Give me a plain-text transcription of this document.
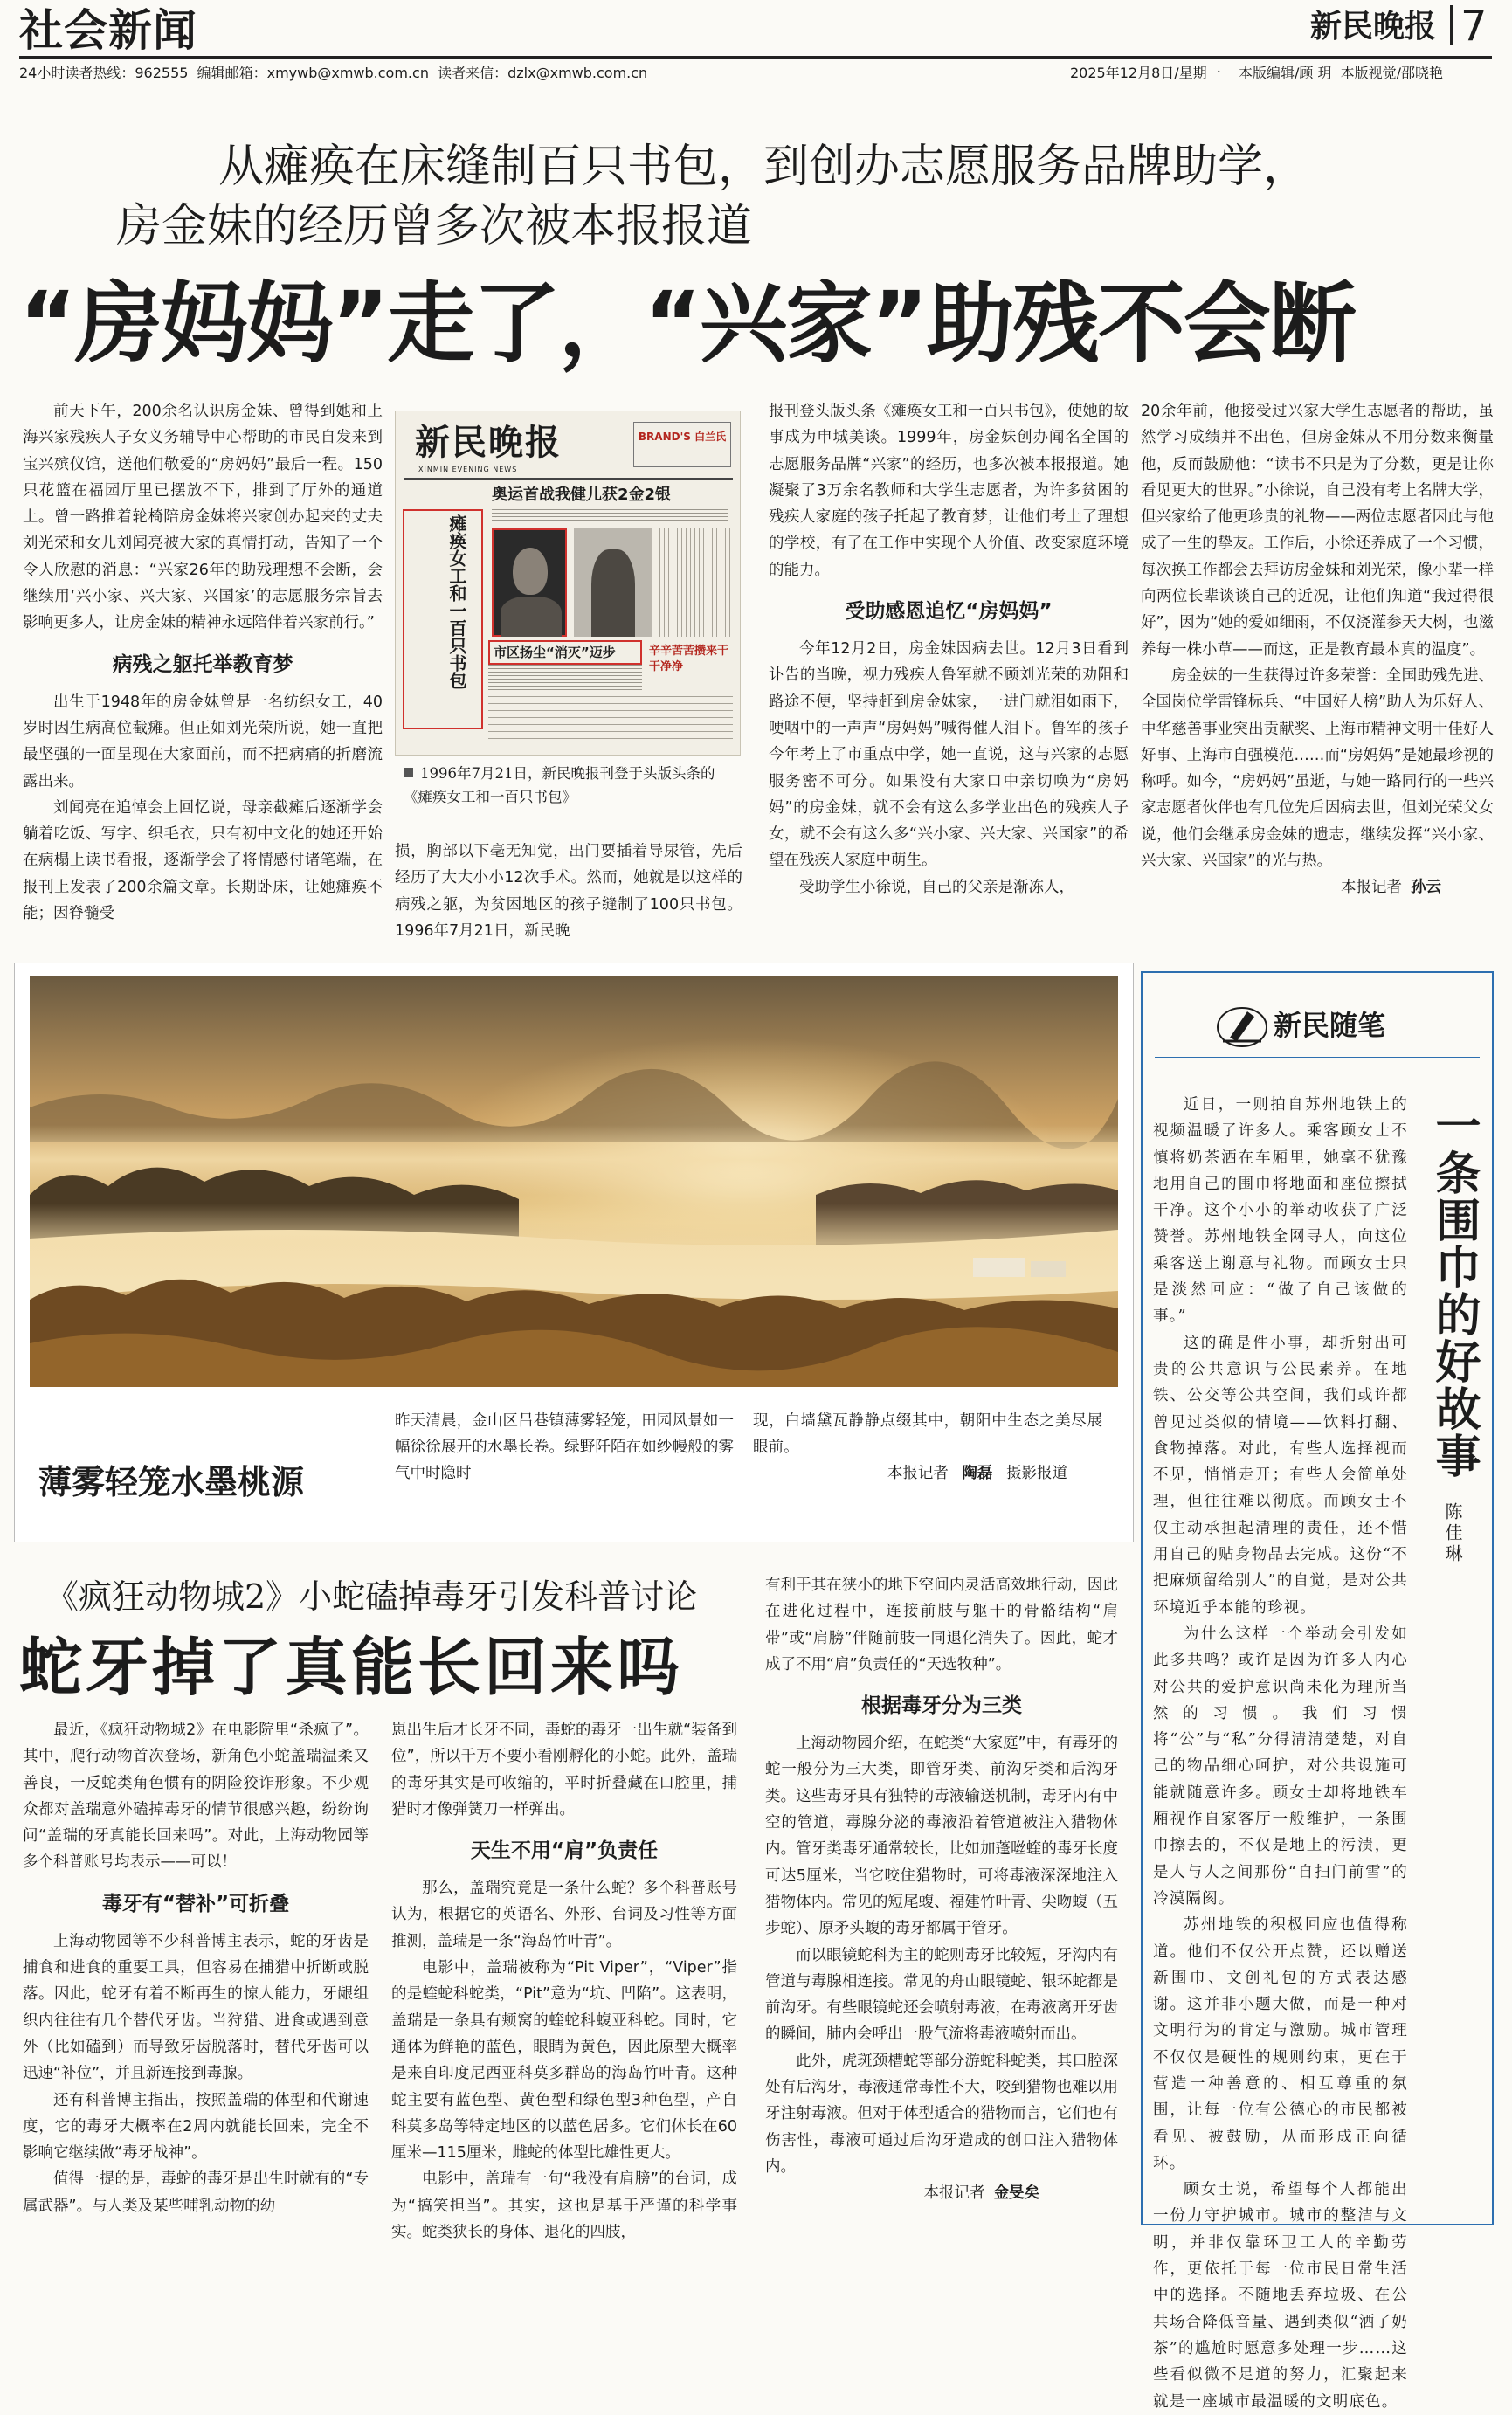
社会新闻	新民晚报 7
24小时读者热线：962555  编辑邮箱：xmywb@xmwb.com.cn  读者来信：dzlx@xmwb.com.cn	2025年12月8日/星期一 本版编辑/顾 玥  本版视觉/邵晓艳
从瘫痪在床缝制百只书包，到创办志愿服务品牌助学，
房金妹的经历曾多次被本报报道
“房妈妈”走了，“兴家”助残不会断

前天下午，200余名认识房金妹、曾得到她和上海兴家残疾人子女义务辅导中心帮助的市民自发来到宝兴殡仪馆，送他们敬爱的“房妈妈”最后一程。150只花篮在福园厅里已摆放不下，排到了厅外的通道上。曾一路推着轮椅陪房金妹将兴家创办起来的丈夫刘光荣和女儿刘闻亮被大家的真情打动，告知了一个令人欣慰的消息：“兴家26年的助残理想不会断，会继续用‘兴小家、兴大家、兴国家’的志愿服务宗旨去影响更多人，让房金妹的精神永远陪伴着兴家前行。”

病残之躯托举教育梦

出生于1948年的房金妹曾是一名纺织女工，40岁时因生病高位截瘫。但正如刘光荣所说，她一直把最坚强的一面呈现在大家面前，而不把病痛的折磨流露出来。

刘闻亮在追悼会上回忆说，母亲截瘫后逐渐学会躺着吃饭、写字、织毛衣，只有初中文化的她还开始在病榻上读书看报，逐渐学会了将情感付诸笔端，在报刊上发表了200余篇文章。长期卧床，让她瘫痪不能；因脊髓受

新民晚报
XINMIN EVENING NEWS
BRAND'S 白兰氏
奥运首战我健儿获2金2银
瘫痪女工和一百只书包	市区扬尘“消灭”迈步	辛辛苦苦攒来干干净净
1996年7月21日，新民晚报刊登于头版头条的《瘫痪女工和一百只书包》

损，胸部以下毫无知觉，出门要插着导尿管，先后经历了大大小小12次手术。然而，她就是以这样的病残之躯，为贫困地区的孩子缝制了100只书包。1996年7月21日，新民晚

报刊登头版头条《瘫痪女工和一百只书包》，使她的故事成为申城美谈。1999年，房金妹创办闻名全国的志愿服务品牌“兴家”的经历，也多次被本报报道。她凝聚了3万余名教师和大学生志愿者，为许多贫困的残疾人家庭的孩子托起了教育梦，让他们考上了理想的学校，有了在工作中实现个人价值、改变家庭环境的能力。

受助感恩追忆“房妈妈”

今年12月2日，房金妹因病去世。12月3日看到讣告的当晚，视力残疾人鲁军就不顾刘光荣的劝阻和路途不便，坚持赶到房金妹家，一进门就泪如雨下，哽咽中的一声声“房妈妈”喊得催人泪下。鲁军的孩子今年考上了市重点中学，她一直说，这与兴家的志愿服务密不可分。如果没有大家口中亲切唤为“房妈妈”的房金妹，就不会有这么多学业出色的残疾人子女，就不会有这么多“兴小家、兴大家、兴国家”的希望在残疾人家庭中萌生。

受助学生小徐说，自己的父亲是渐冻人，

20余年前，他接受过兴家大学生志愿者的帮助，虽然学习成绩并不出色，但房金妹从不用分数来衡量他，反而鼓励他：“读书不只是为了分数，更是让你看见更大的世界。”小徐说，自己没有考上名牌大学，但兴家给了他更珍贵的礼物——两位志愿者因此与他成了一生的挚友。工作后，小徐还养成了一个习惯，每次换工作都会去拜访房金妹和刘光荣，像小辈一样向两位长辈谈谈自己的近况，让他们知道“我过得很好”，因为“她的爱如细雨，不仅浇灌参天大树，也滋养每一株小草——而这，正是教育最本真的温度”。

房金妹的一生获得过许多荣誉：全国助残先进、全国岗位学雷锋标兵、“中国好人榜”助人为乐好人、中华慈善事业突出贡献奖、上海市精神文明十佳好人好事、上海市自强模范……而“房妈妈”是她最珍视的称呼。如今，“房妈妈”虽逝，与她一路同行的一些兴家志愿者伙伴也有几位先后因病去世，但刘光荣父女说，他们会继承房金妹的遗志，继续发挥“兴小家、兴大家、兴国家”的光与热。

本报记者 孙云

薄雾轻笼水墨桃源
昨天清晨，金山区吕巷镇薄雾轻笼，田园风景如一幅徐徐展开的水墨长卷。绿野阡陌在如纱幔般的雾气中时隐时
现，白墙黛瓦静静点缀其中，朝阳中生态之美尽展眼前。
本报记者 陶磊 摄影报道
新民随笔

近日，一则拍自苏州地铁上的视频温暖了许多人。乘客顾女士不慎将奶茶洒在车厢里，她毫不犹豫地用自己的围巾将地面和座位擦拭干净。这个小小的举动收获了广泛赞誉。苏州地铁全网寻人，向这位乘客送上谢意与礼物。而顾女士只是淡然回应：“做了自己该做的事。”

这的确是件小事，却折射出可贵的公共意识与公民素养。在地铁、公交等公共空间，我们或许都曾见过类似的情境——饮料打翻、食物掉落。对此，有些人选择视而不见，悄悄走开；有些人会简单处理，但往往难以彻底。而顾女士不仅主动承担起清理的责任，还不惜用自己的贴身物品去完成。这份“不把麻烦留给别人”的自觉，是对公共环境近乎本能的珍视。

为什么这样一个举动会引发如此多共鸣？或许是因为许多人内心对公共的爱护意识尚未化为理所当然的习惯。我们习惯将“公”与“私”分得清清楚楚，对自己的物品细心呵护，对公共设施可能就随意许多。顾女士却将地铁车厢视作自家客厅一般维护，一条围巾擦去的，不仅是地上的污渍，更是人与人之间那份“自扫门前雪”的冷漠隔阂。

苏州地铁的积极回应也值得称道。他们不仅公开点赞，还以赠送新围巾、文创礼包的方式表达感谢。这并非小题大做，而是一种对文明行为的肯定与激励。城市管理不仅仅是硬性的规则约束，更在于营造一种善意的、相互尊重的氛围，让每一位有公德心的市民都被看见、被鼓励，从而形成正向循环。

顾女士说，希望每个人都能出一份力守护城市。城市的整洁与文明，并非仅靠环卫工人的辛勤劳作，更依托于每一位市民日常生活中的选择。不随地丢弃垃圾、在公共场合降低音量、遇到类似“洒了奶茶”的尴尬时愿意多处理一步……这些看似微不足道的努力，汇聚起来就是一座城市最温暖的文明底色。

一条围巾的好故事
陈佳琳
《疯狂动物城2》小蛇磕掉毒牙引发科普讨论
蛇牙掉了真能长回来吗

最近，《疯狂动物城2》在电影院里“杀疯了”。其中，爬行动物首次登场，新角色小蛇盖瑞温柔又善良，一反蛇类角色惯有的阴险狡诈形象。不少观众都对盖瑞意外磕掉毒牙的情节很感兴趣，纷纷询问“盖瑞的牙真能长回来吗”。对此，上海动物园等多个科普账号均表示——可以！

毒牙有“替补”可折叠

上海动物园等不少科普博主表示，蛇的牙齿是捕食和进食的重要工具，但容易在捕猎中折断或脱落。因此，蛇牙有着不断再生的惊人能力，牙龈组织内往往有几个替代牙齿。当狩猎、进食或遇到意外（比如磕到）而导致牙齿脱落时，替代牙齿可以迅速“补位”，并且新连接到毒腺。

还有科普博主指出，按照盖瑞的体型和代谢速度，它的毒牙大概率在2周内就能长回来，完全不影响它继续做“毒牙战神”。

值得一提的是，毒蛇的毒牙是出生时就有的“专属武器”。与人类及某些哺乳动物的幼

崽出生后才长牙不同，毒蛇的毒牙一出生就“装备到位”，所以千万不要小看刚孵化的小蛇。此外，盖瑞的毒牙其实是可收缩的，平时折叠藏在口腔里，捕猎时才像弹簧刀一样弹出。

天生不用“肩”负责任

那么，盖瑞究竟是一条什么蛇？多个科普账号认为，根据它的英语名、外形、台词及习性等方面推测，盖瑞是一条“海岛竹叶青”。

电影中，盖瑞被称为“Pit Viper”，“Viper”指的是蝰蛇科蛇类，“Pit”意为“坑、凹陷”。这表明，盖瑞是一条具有颊窝的蝰蛇科蝮亚科蛇。同时，它通体为鲜艳的蓝色，眼睛为黄色，因此原型大概率是来自印度尼西亚科莫多群岛的海岛竹叶青。这种蛇主要有蓝色型、黄色型和绿色型3种色型，产自科莫多岛等特定地区的以蓝色居多。它们体长在60厘米—115厘米，雌蛇的体型比雄性更大。

电影中，盖瑞有一句“我没有肩膀”的台词，成为“搞笑担当”。其实，这也是基于严谨的科学事实。蛇类狭长的身体、退化的四肢，

有利于其在狭小的地下空间内灵活高效地行动，因此在进化过程中，连接前肢与躯干的骨骼结构“肩带”或“肩膀”伴随前肢一同退化消失了。因此，蛇才成了不用“肩”负责任的“天选牧种”。

根据毒牙分为三类

上海动物园介绍，在蛇类“大家庭”中，有毒牙的蛇一般分为三大类，即管牙类、前沟牙类和后沟牙类。这些毒牙具有独特的毒液输送机制，毒牙内有中空的管道，毒腺分泌的毒液沿着管道被注入猎物体内。管牙类毒牙通常较长，比如加蓬咝蝰的毒牙长度可达5厘米，当它咬住猎物时，可将毒液深深地注入猎物体内。常见的短尾蝮、福建竹叶青、尖吻蝮（五步蛇）、原矛头蝮的毒牙都属于管牙。

而以眼镜蛇科为主的蛇则毒牙比较短，牙沟内有管道与毒腺相连接。常见的舟山眼镜蛇、银环蛇都是前沟牙。有些眼镜蛇还会喷射毒液，在毒液离开牙齿的瞬间，肺内会呼出一股气流将毒液喷射而出。

此外，虎斑颈槽蛇等部分游蛇科蛇类，其口腔深处有后沟牙，毒液通常毒性不大，咬到猎物也难以用牙注射毒液。但对于体型适合的猎物而言，它们也有伤害性，毒液可通过后沟牙造成的创口注入猎物体内。

本报记者 金旻矣
